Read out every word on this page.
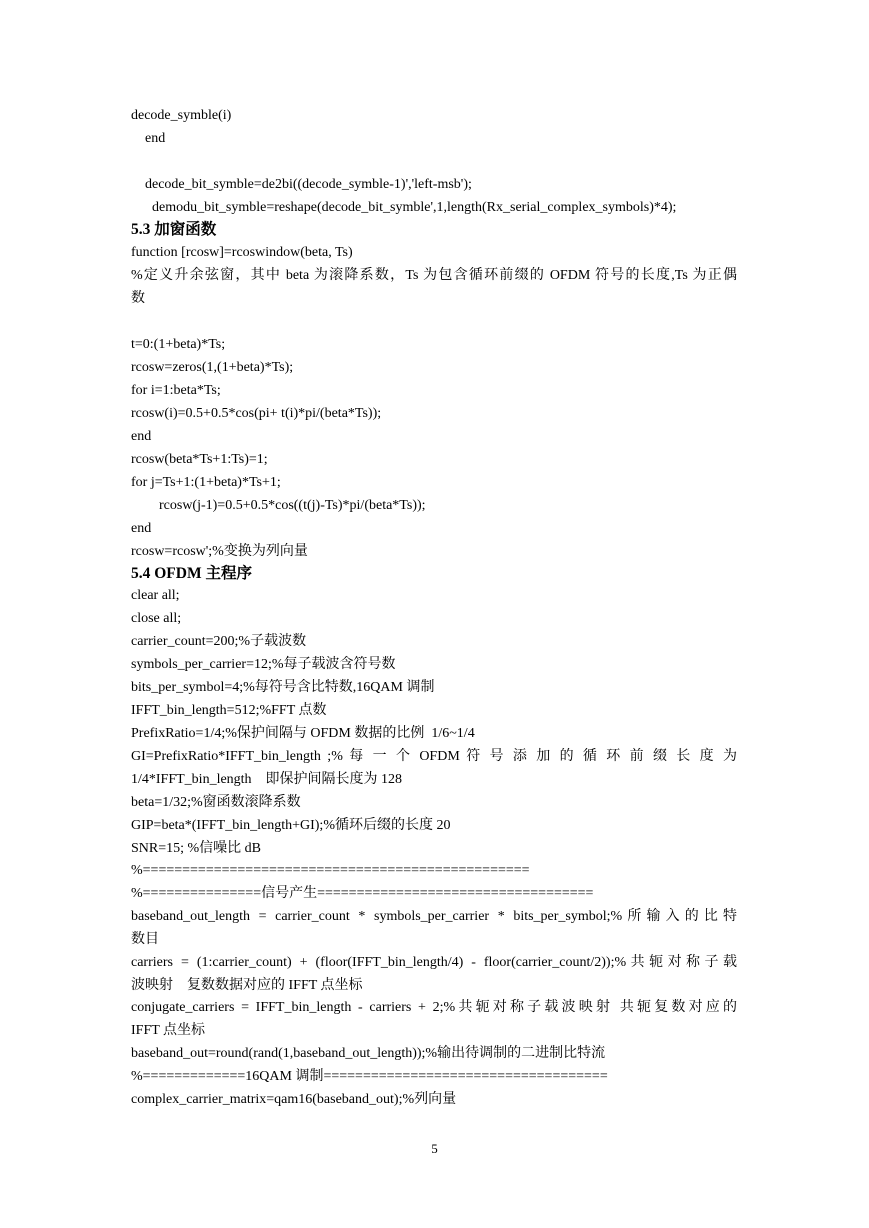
decode_symble(i)
end
decode_bit_symble=de2bi((decode_symble-1)','left-msb');
demodu_bit_symble=reshape(decode_bit_symble',1,length(Rx_serial_complex_symbols)*4);
5.3 加窗函数
function [rcosw]=rcoswindow(beta, Ts)
%定义升余弦窗，其中 beta 为滚降系数，Ts 为包含循环前缀的 OFDM 符号的长度,Ts 为正偶
数
t=0:(1+beta)*Ts;
rcosw=zeros(1,(1+beta)*Ts);
for i=1:beta*Ts;
rcosw(i)=0.5+0.5*cos(pi+ t(i)*pi/(beta*Ts));
end
rcosw(beta*Ts+1:Ts)=1;
for j=Ts+1:(1+beta)*Ts+1;
rcosw(j-1)=0.5+0.5*cos((t(j)-Ts)*pi/(beta*Ts));
end
rcosw=rcosw';%变换为列向量
5.4 OFDM 主程序
clear all;
close all;
carrier_count=200;%子载波数
symbols_per_carrier=12;%每子载波含符号数
bits_per_symbol=4;%每符号含比特数,16QAM 调制
IFFT_bin_length=512;%FFT 点数
PrefixRatio=1/4;%保护间隔与 OFDM 数据的比例  1/6~1/4
GI=PrefixRatio*IFFT_bin_length ;% 每 一 个 OFDM 符 号 添 加 的 循 环 前 缀 长 度 为
1/4*IFFT_bin_length    即保护间隔长度为 128
beta=1/32;%窗函数滚降系数
GIP=beta*(IFFT_bin_length+GI);%循环后缀的长度 20
SNR=15; %信噪比 dB
%=================================================
%===============信号产生===================================
baseband_out_length = carrier_count * symbols_per_carrier * bits_per_symbol;%所输入的比特
数目
carriers = (1:carrier_count) + (floor(IFFT_bin_length/4) - floor(carrier_count/2));%共轭对称子载
波映射    复数数据对应的 IFFT 点坐标
conjugate_carriers = IFFT_bin_length - carriers + 2;%共轭对称子载波映射 共轭复数对应的
IFFT 点坐标
baseband_out=round(rand(1,baseband_out_length));%输出待调制的二进制比特流
%=============16QAM 调制====================================
complex_carrier_matrix=qam16(baseband_out);%列向量
5
